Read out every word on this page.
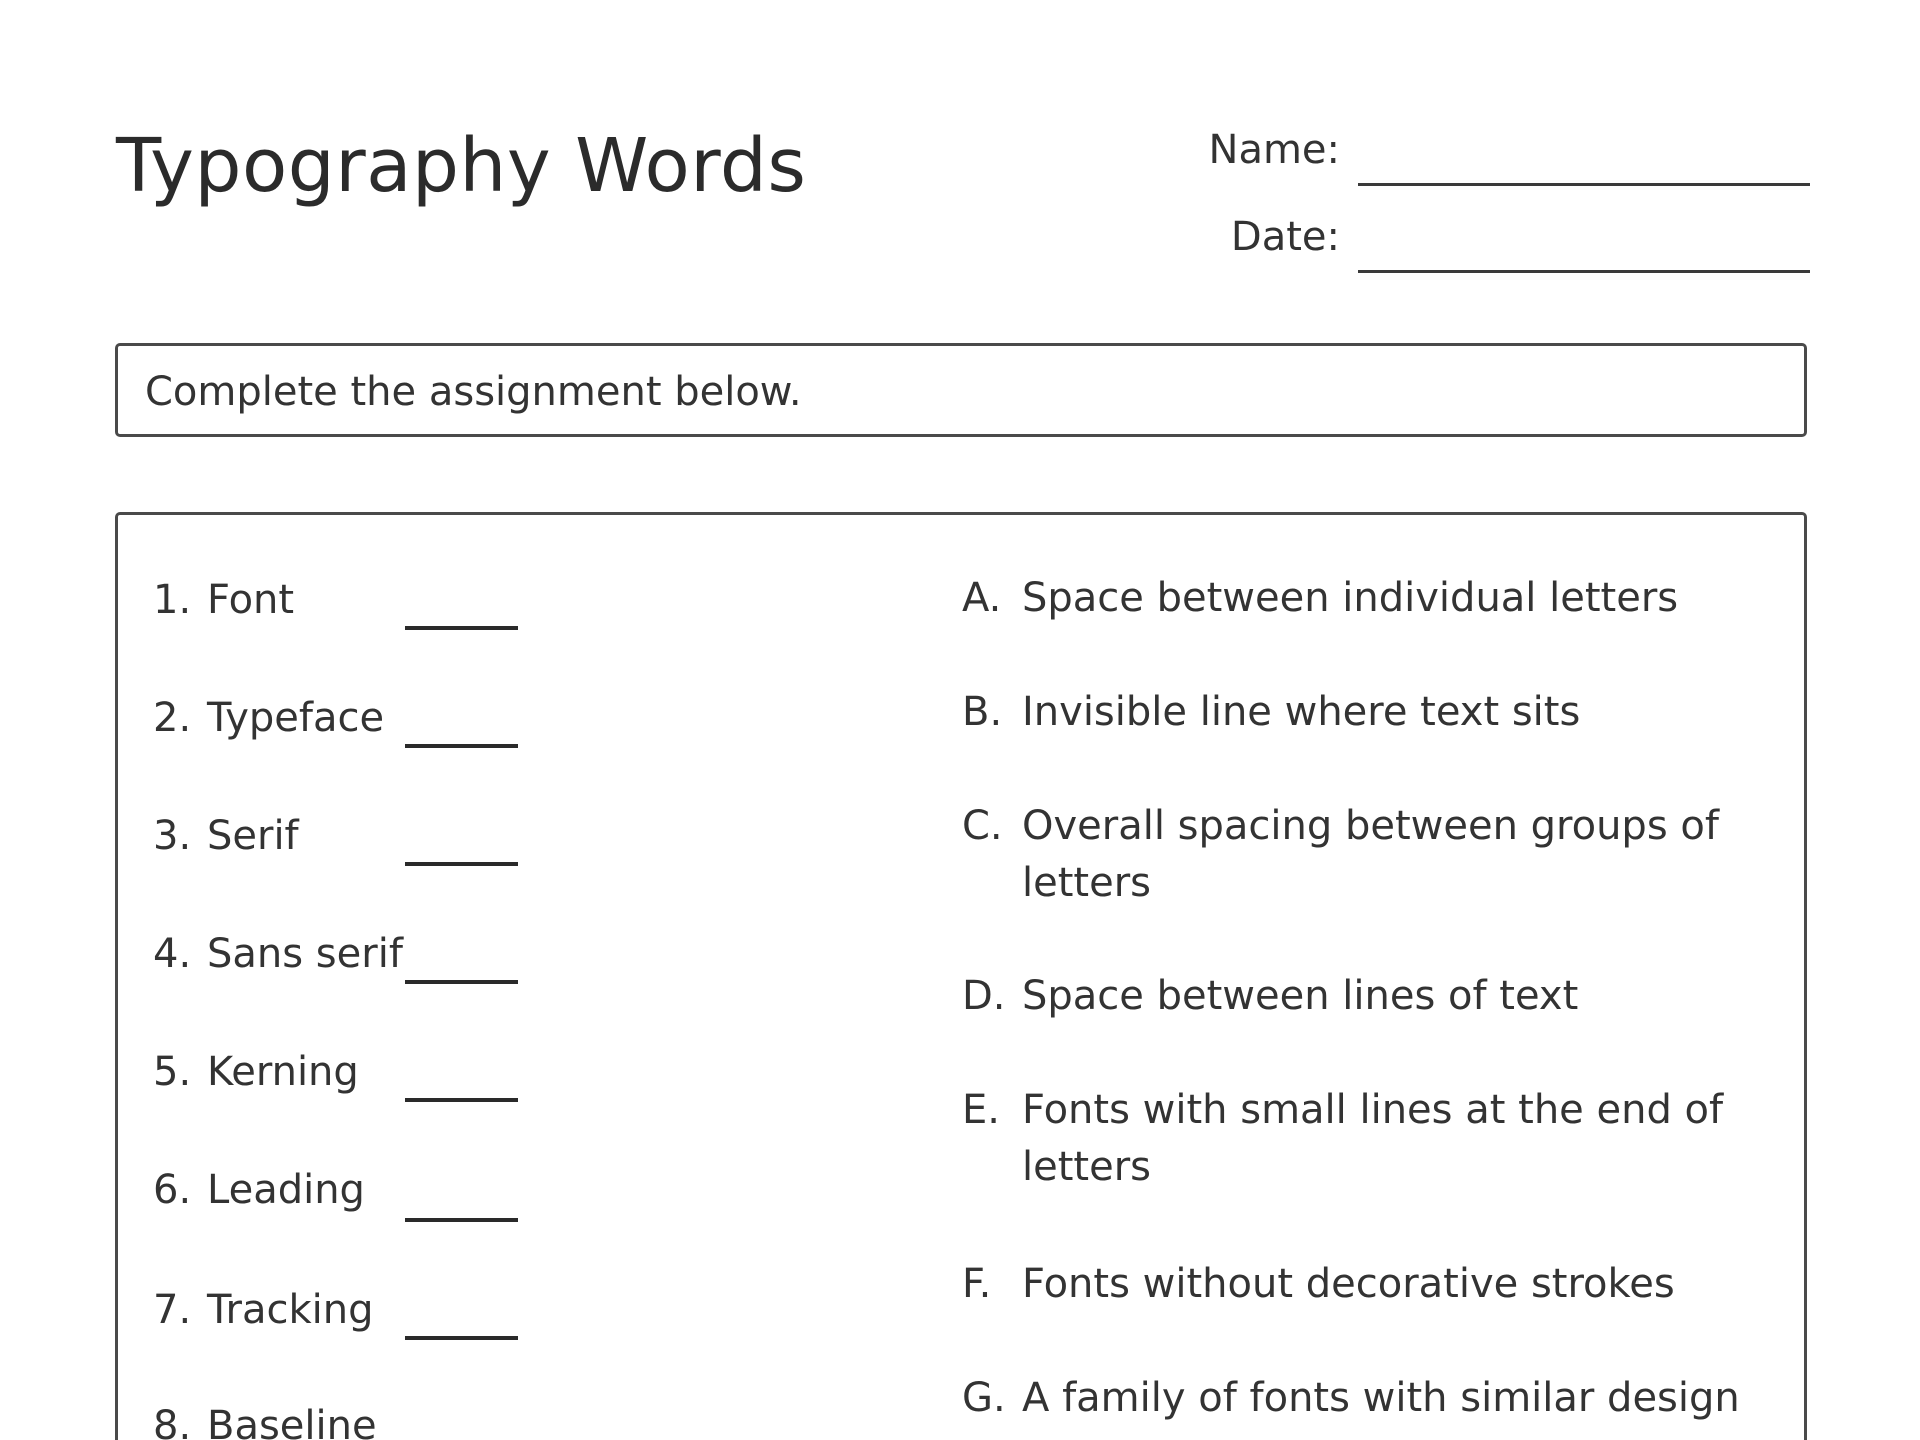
Typography Words	Name:
Date:
Complete the assignment below.
1. Font
2. Typeface
3. Serif
4. Sans serif
5. Kerning
6. Leading
7. Tracking
8. Baseline
A. Space between individual letters
B. Invisible line where text sits
C. Overall spacing between groups of letters
D. Space between lines of text
E. Fonts with small lines at the end of letters
F. Fonts without decorative strokes
G. A family of fonts with similar design
